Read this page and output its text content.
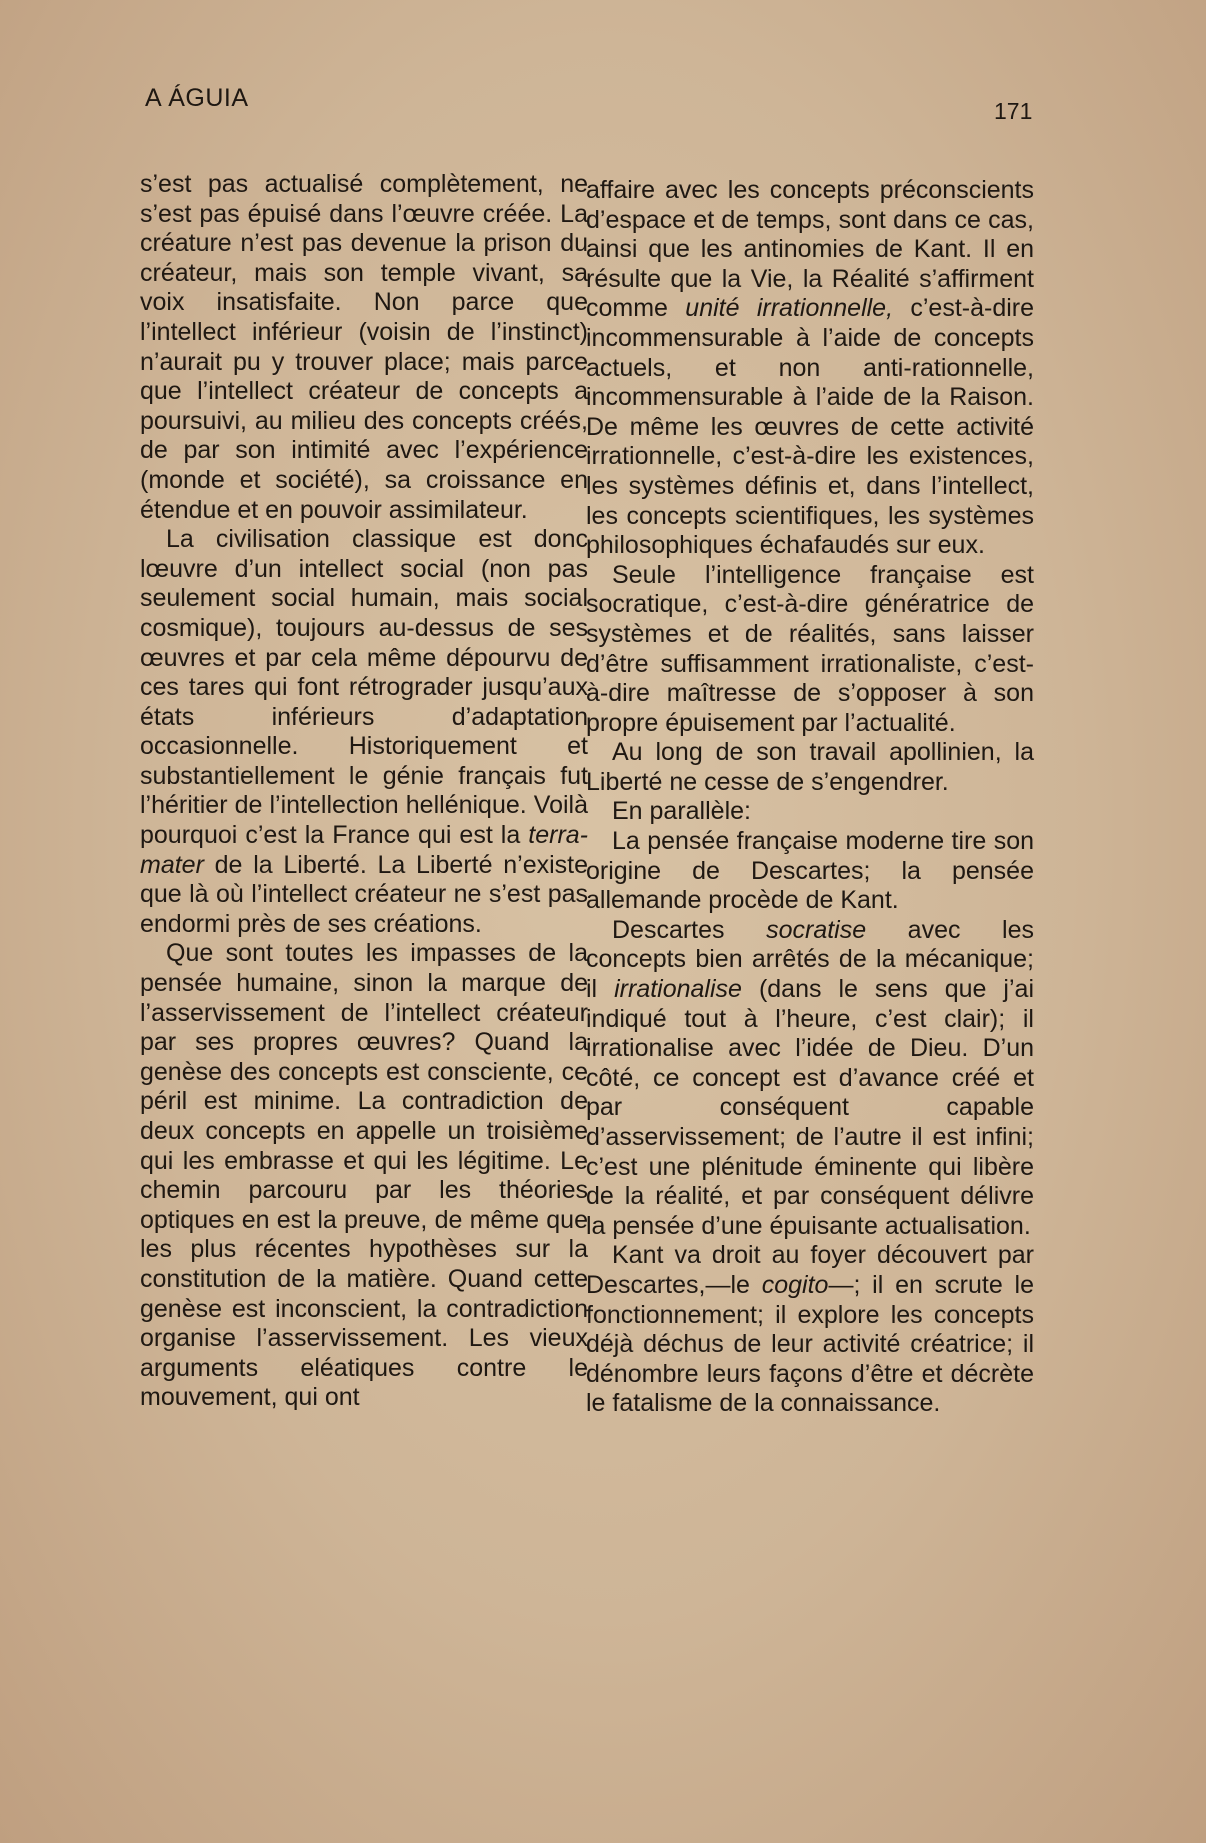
A ÁGUIA	171

s’est pas actualisé complètement, ne s’est pas épuisé dans l’œuvre créée. La créature n’est pas devenue la prison du créateur, mais son temple vivant, sa voix insatisfaite. Non parce que l’intellect inférieur (voisin de l’instinct) n’aurait pu y trouver place; mais parce que l’intellect créateur de concepts a poursuivi, au milieu des concepts créés, de par son intimité avec l’expérience (monde et société), sa croissance en étendue et en pouvoir assimilateur.

La civilisation classique est donc lœuvre d’un intellect social (non pas seulement social humain, mais social cosmique), toujours au-dessus de ses œuvres et par cela même dépourvu de ces tares qui font rétrograder jusqu’aux états inférieurs d’adaptation occasionnelle. Historiquement et substantiellement le génie français fut l’héritier de l’intellection hellénique. Voilà pourquoi c’est la France qui est la terra-mater de la Liberté. La Liberté n’existe que là où l’intellect créateur ne s’est pas endormi près de ses créations.

Que sont toutes les impasses de la pensée humaine, sinon la marque de l’asservissement de l’intellect créateur par ses propres œuvres? Quand la genèse des concepts est consciente, ce péril est minime. La contradiction de deux concepts en appelle un troisième qui les embrasse et qui les légitime. Le chemin parcouru par les théories optiques en est la preuve, de même que les plus récentes hypothèses sur la constitution de la matière. Quand cette genèse est inconscient, la contradiction organise l’asservissement. Les vieux arguments eléatiques contre le mouvement, qui ont

affaire avec les concepts préconscients d’espace et de temps, sont dans ce cas, ainsi que les antinomies de Kant. Il en résulte que la Vie, la Réalité s’affirment comme unité irrationnelle, c’est-à-dire incommensurable à l’aide de concepts actuels, et non anti-rationnelle, incommensurable à l’aide de la Raison. De même les œuvres de cette activité irrationnelle, c’est-à-dire les existences, les systèmes définis et, dans l’intellect, les concepts scientifiques, les systèmes philosophiques échafaudés sur eux.

Seule l’intelligence française est socratique, c’est-à-dire génératrice de systèmes et de réalités, sans laisser d’être suffisamment irrationaliste, c’est-à-dire maîtresse de s’opposer à son propre épuisement par l’actualité.

Au long de son travail apollinien, la Liberté ne cesse de s’engendrer.

En parallèle:

La pensée française moderne tire son origine de Descartes; la pensée allemande procède de Kant.

Descartes socratise avec les concepts bien arrêtés de la mécanique; il irrationalise (dans le sens que j’ai indiqué tout à l’heure, c’est clair); il irrationalise avec l’idée de Dieu. D’un côté, ce concept est d’avance créé et par conséquent capable d’asservissement; de l’autre il est infini; c’est une plénitude éminente qui libère de la réalité, et par conséquent délivre la pensée d’une épuisante actualisation.

Kant va droit au foyer découvert par Descartes,—le cogito—; il en scrute le fonctionnement; il explore les concepts déjà déchus de leur activité créatrice; il dénombre leurs façons d’être et décrète le fatalisme de la connaissance.
